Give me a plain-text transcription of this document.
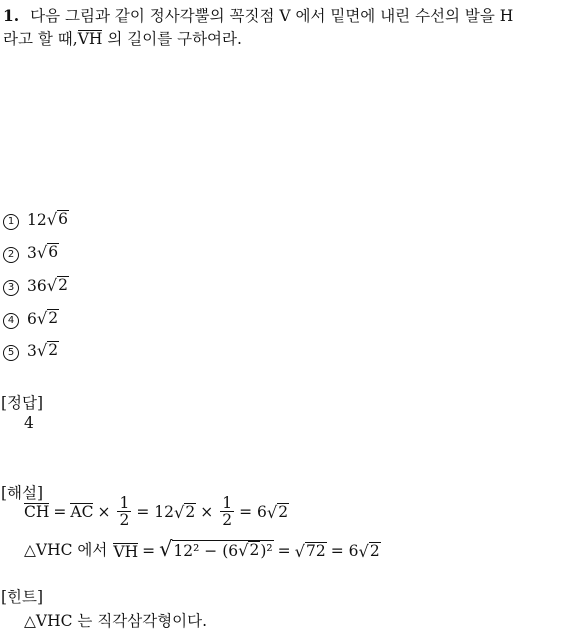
1. 다음 그림과 같이 정사각뿔의 꼭짓점 V 에서 밑면에 내린 수선의 발을 H
라고 할 때,VH 의 길이를 구하여라.
1 12 √ 6
2 3 √ 6
3 36 √ 2
4 6 √ 2
5 3 √ 2
[정답]
4
[해설]
CH = AC × $\frac{1}{2} = 12$ √ $2 \times \frac{1}{2} = 6$ √ 2
△VHC 에서 VH = √ 12² − (6 √ 2 )² = √ 72 = 6 √ 2
[힌트]
△VHC 는 직각삼각형이다.
